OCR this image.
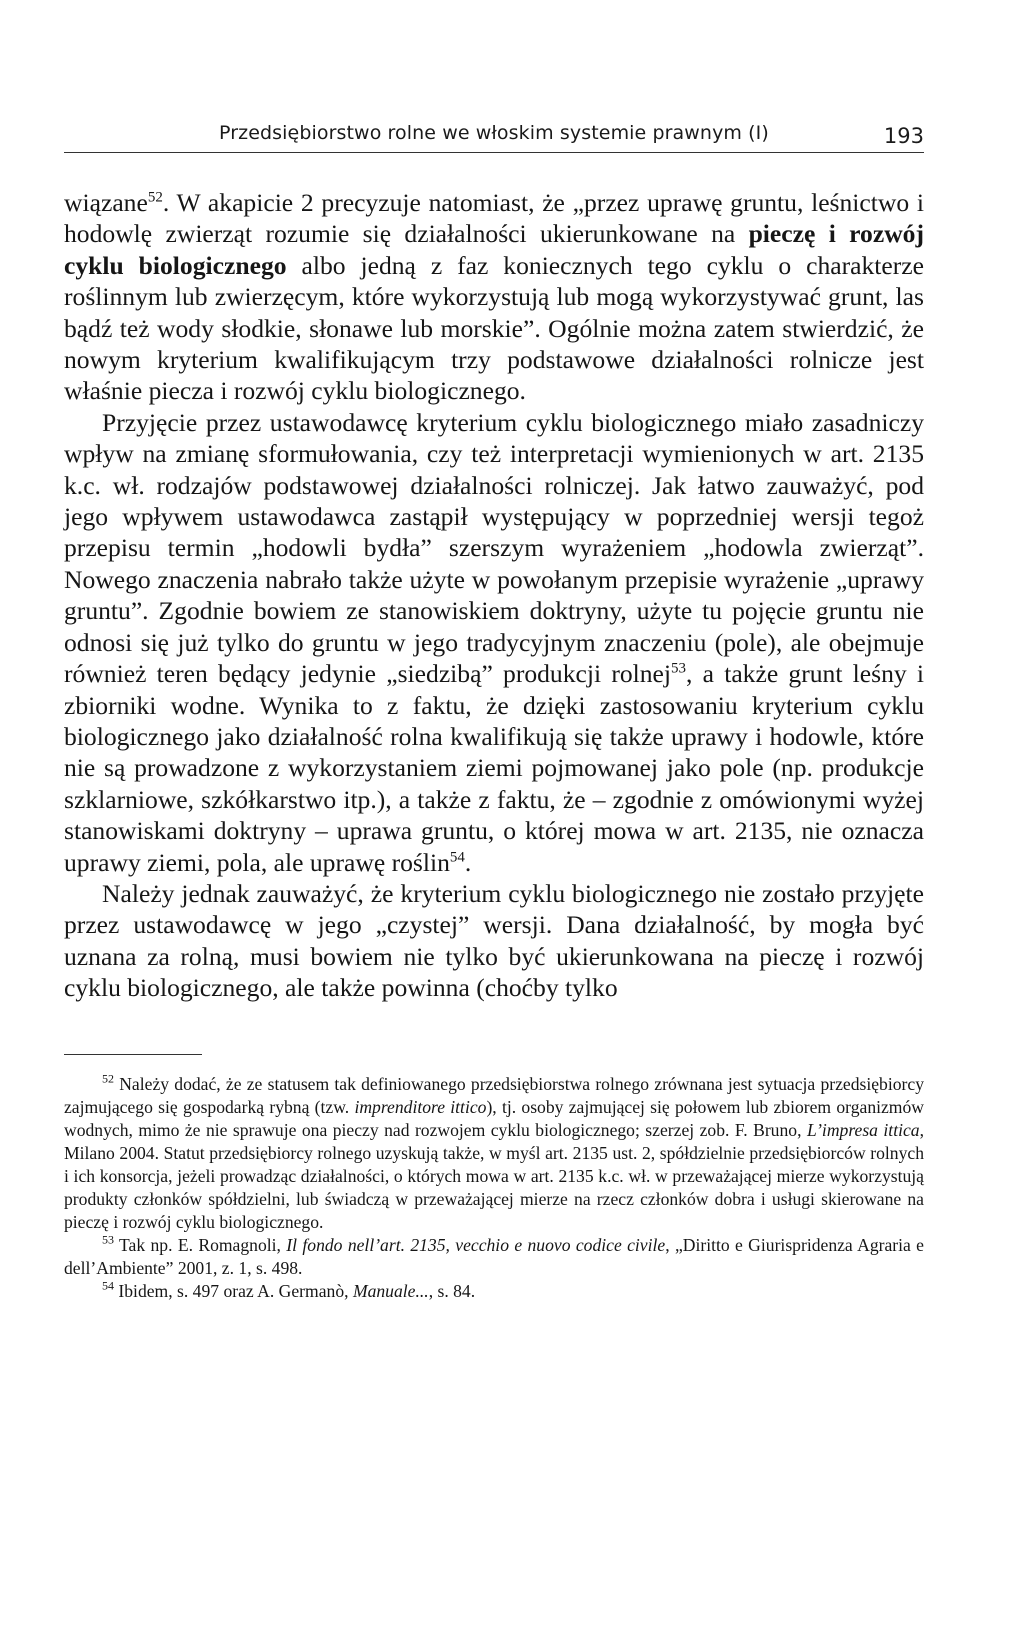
Przedsiębiorstwo rolne we włoskim systemie prawnym (I)	193

wiązane$^{52}$. W akapicie 2 precyzuje natomiast, że „przez uprawę gruntu, leśnictwo i hodowlę zwierząt rozumie się działalności ukierunkowane na pieczę i rozwój cyklu biologicznego albo jedną z faz koniecznych tego cyklu o charakterze roślinnym lub zwierzęcym, które wykorzystują lub mogą wykorzystywać grunt, las bądź też wody słodkie, słonawe lub morskie”. Ogólnie można zatem stwierdzić, że nowym kryterium kwalifikującym trzy podstawowe działalności rolnicze jest właśnie piecza i rozwój cyklu biologicznego.

Przyjęcie przez ustawodawcę kryterium cyklu biologicznego miało zasadniczy wpływ na zmianę sformułowania, czy też interpretacji wymienionych w art. 2135 k.c. wł. rodzajów podstawowej działalności rolniczej. Jak łatwo zauważyć, pod jego wpływem ustawodawca zastąpił występujący w poprzedniej wersji tegoż przepisu termin „hodowli bydła” szerszym wyrażeniem „hodowla zwierząt”. Nowego znaczenia nabrało także użyte w powołanym przepisie wyrażenie „uprawy gruntu”. Zgodnie bowiem ze stanowiskiem doktryny, użyte tu pojęcie gruntu nie odnosi się już tylko do gruntu w jego tradycyjnym znaczeniu (pole), ale obejmuje również teren będący jedynie „siedzibą” produkcji rolnej$^{53}$, a także grunt leśny i zbiorniki wodne. Wynika to z faktu, że dzięki zastosowaniu kryterium cyklu biologicznego jako działalność rolna kwalifikują się także uprawy i hodowle, które nie są prowadzone z wykorzystaniem ziemi pojmowanej jako pole (np. produkcje szklarniowe, szkółkarstwo itp.), a także z faktu, że – zgodnie z omówionymi wyżej stanowiskami doktryny – uprawa gruntu, o której mowa w art. 2135, nie oznacza uprawy ziemi, pola, ale uprawę roślin$^{54}$.

Należy jednak zauważyć, że kryterium cyklu biologicznego nie zostało przyjęte przez ustawodawcę w jego „czystej” wersji. Dana działalność, by mogła być uznana za rolną, musi bowiem nie tylko być ukierunkowana na pieczę i rozwój cyklu biologicznego, ale także powinna (choćby tylko

$^{52}$ Należy dodać, że ze statusem tak definiowanego przedsiębiorstwa rolnego zrównana jest sytuacja przedsiębiorcy zajmującego się gospodarką rybną (tzw. imprenditore ittico), tj. osoby zajmującej się połowem lub zbiorem organizmów wodnych, mimo że nie sprawuje ona pieczy nad rozwojem cyklu biologicznego; szerzej zob. F. Bruno, L’impresa ittica, Milano 2004. Statut przedsiębiorcy rolnego uzyskują także, w myśl art. 2135 ust. 2, spółdzielnie przedsiębiorców rolnych i ich konsorcja, jeżeli prowadząc działalności, o których mowa w art. 2135 k.c. wł. w przeważającej mierze wykorzystują produkty członków spółdzielni, lub świadczą w przeważającej mierze na rzecz członków dobra i usługi skierowane na pieczę i rozwój cyklu biologicznego.

$^{53}$ Tak np. E. Romagnoli, Il fondo nell’art. 2135, vecchio e nuovo codice civile, „Diritto e Giurispridenza Agraria e dell’Ambiente” 2001, z. 1, s. 498.

$^{54}$ Ibidem, s. 497 oraz A. Germanò, Manuale..., s. 84.
